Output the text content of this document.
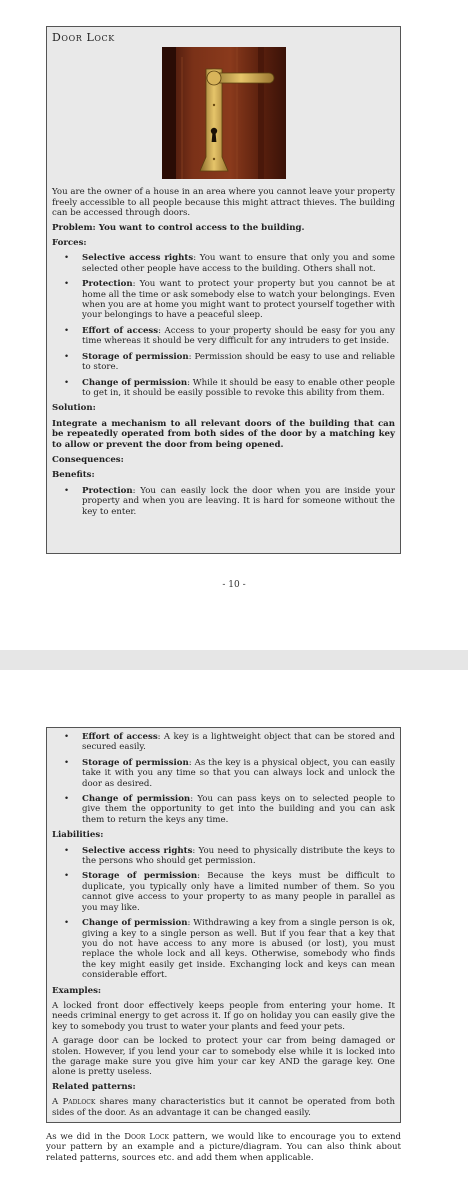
Door Lock

You are the owner of a house in an area where you cannot leave your property freely accessible to all people because this might attract thieves. The building can be accessed through doors.

Problem: You want to control access to the building.
Forces:
• Selective access rights: You want to ensure that only you and some selected other people have access to the building. Others shall not.
• Protection: You want to protect your property but you cannot be at home all the time or ask somebody else to watch your belongings. Even when you are at home you might want to protect yourself together with your belongings to have a peaceful sleep.
• Effort of access: Access to your property should be easy for you any time whereas it should be very difficult for any intruders to get inside.
• Storage of permission: Permission should be easy to use and reliable to store.
• Change of permission: While it should be easy to enable other people to get in, it should be easily possible to revoke this ability from them.
Solution:

Integrate a mechanism to all relevant doors of the building that can be repeatedly operated from both sides of the door by a matching key to allow or prevent the door from being opened.

Consequences:
Benefits:
• Protection: You can easily lock the door when you are inside your property and when you are leaving. It is hard for someone without the key to enter.
- 10 -
• Effort of access: A key is a lightweight object that can be stored and secured easily.
• Storage of permission: As the key is a physical object, you can easily take it with you any time so that you can always lock and unlock the door as desired.
• Change of permission: You can pass keys on to selected people to give them the opportunity to get into the building and you can ask them to return the keys any time.
Liabilities:
• Selective access rights: You need to physically distribute the keys to the persons who should get permission.
• Storage of permission: Because the keys must be difficult to duplicate, you typically only have a limited number of them. So you cannot give access to your property to as many people in parallel as you may like.
• Change of permission: Withdrawing a key from a single person is ok, giving a key to a single person as well. But if you fear that a key that you do not have access to any more is abused (or lost), you must replace the whole lock and all keys. Otherwise, somebody who finds the key might easily get inside. Exchanging lock and keys can mean considerable effort.
Examples:

A locked front door effectively keeps people from entering your home. It needs criminal energy to get across it. If go on holiday you can easily give the key to somebody you trust to water your plants and feed your pets.

A garage door can be locked to protect your car from being damaged or stolen. However, if you lend your car to somebody else while it is locked into the garage make sure you give him your car key AND the garage key. One alone is pretty useless.

Related patterns:

A Padlock shares many characteristics but it cannot be operated from both sides of the door. As an advantage it can be changed easily.

As we did in the Door Lock pattern, we would like to encourage you to extend your pattern by an example and a picture/diagram. You can also think about related patterns, sources etc. and add them when applicable.
